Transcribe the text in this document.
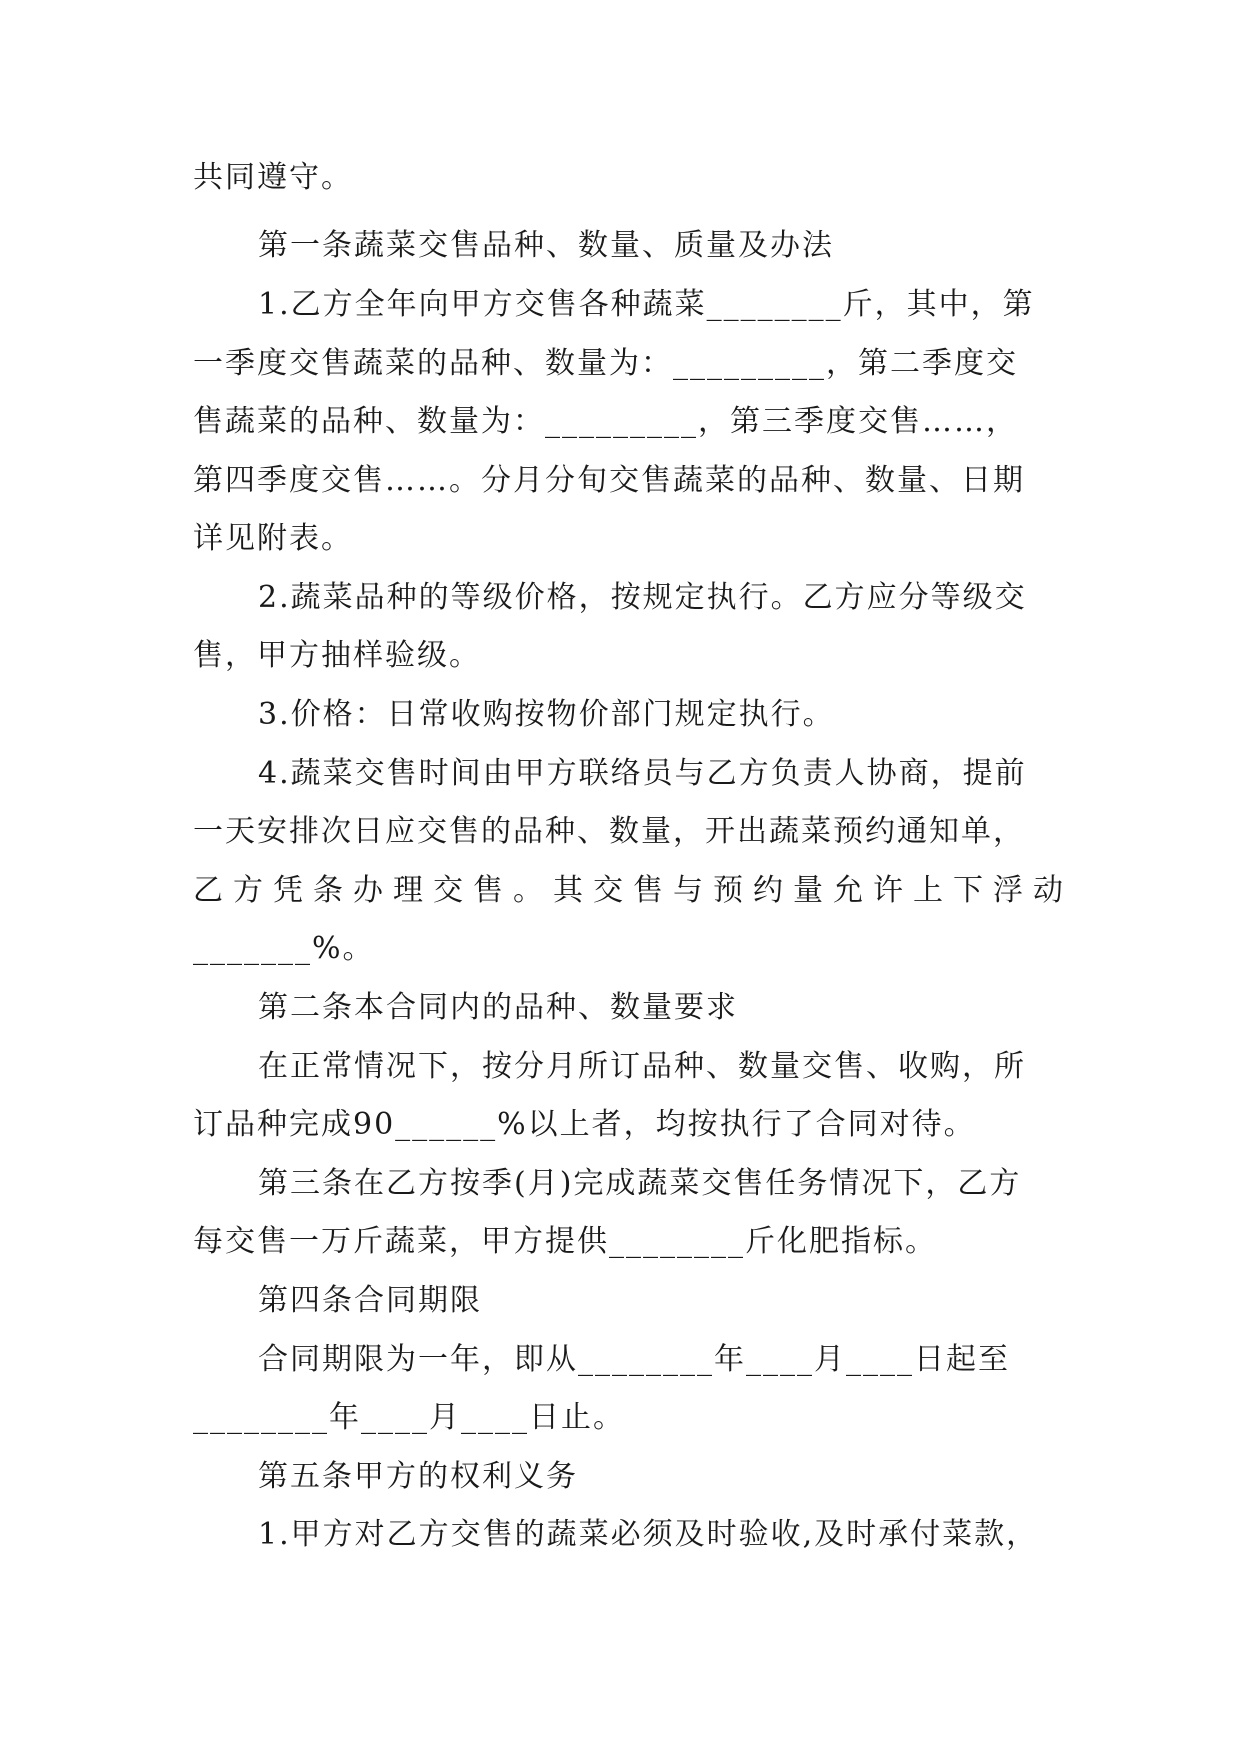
共同遵守。
第一条蔬菜交售品种、数量、质量及办法
1.乙方全年向甲方交售各种蔬菜________斤，其中，第
一季度交售蔬菜的品种、数量为：_________，第二季度交
售蔬菜的品种、数量为：_________，第三季度交售……，
第四季度交售……。分月分旬交售蔬菜的品种、数量、日期
详见附表。
2.蔬菜品种的等级价格，按规定执行。乙方应分等级交
售，甲方抽样验级。
3.价格：日常收购按物价部门规定执行。
4.蔬菜交售时间由甲方联络员与乙方负责人协商，提前
一天安排次日应交售的品种、数量，开出蔬菜预约通知单，
乙方凭条办理交售。其交售与预约量允许上下浮动
_______%。
第二条本合同内的品种、数量要求
在正常情况下，按分月所订品种、数量交售、收购，所
订品种完成90______%以上者，均按执行了合同对待。
第三条在乙方按季(月)完成蔬菜交售任务情况下，乙方
每交售一万斤蔬菜，甲方提供________斤化肥指标。
第四条合同期限
合同期限为一年，即从________年____月____日起至
________年____月____日止。
第五条甲方的权利义务
1.甲方对乙方交售的蔬菜必须及时验收,及时承付菜款，
